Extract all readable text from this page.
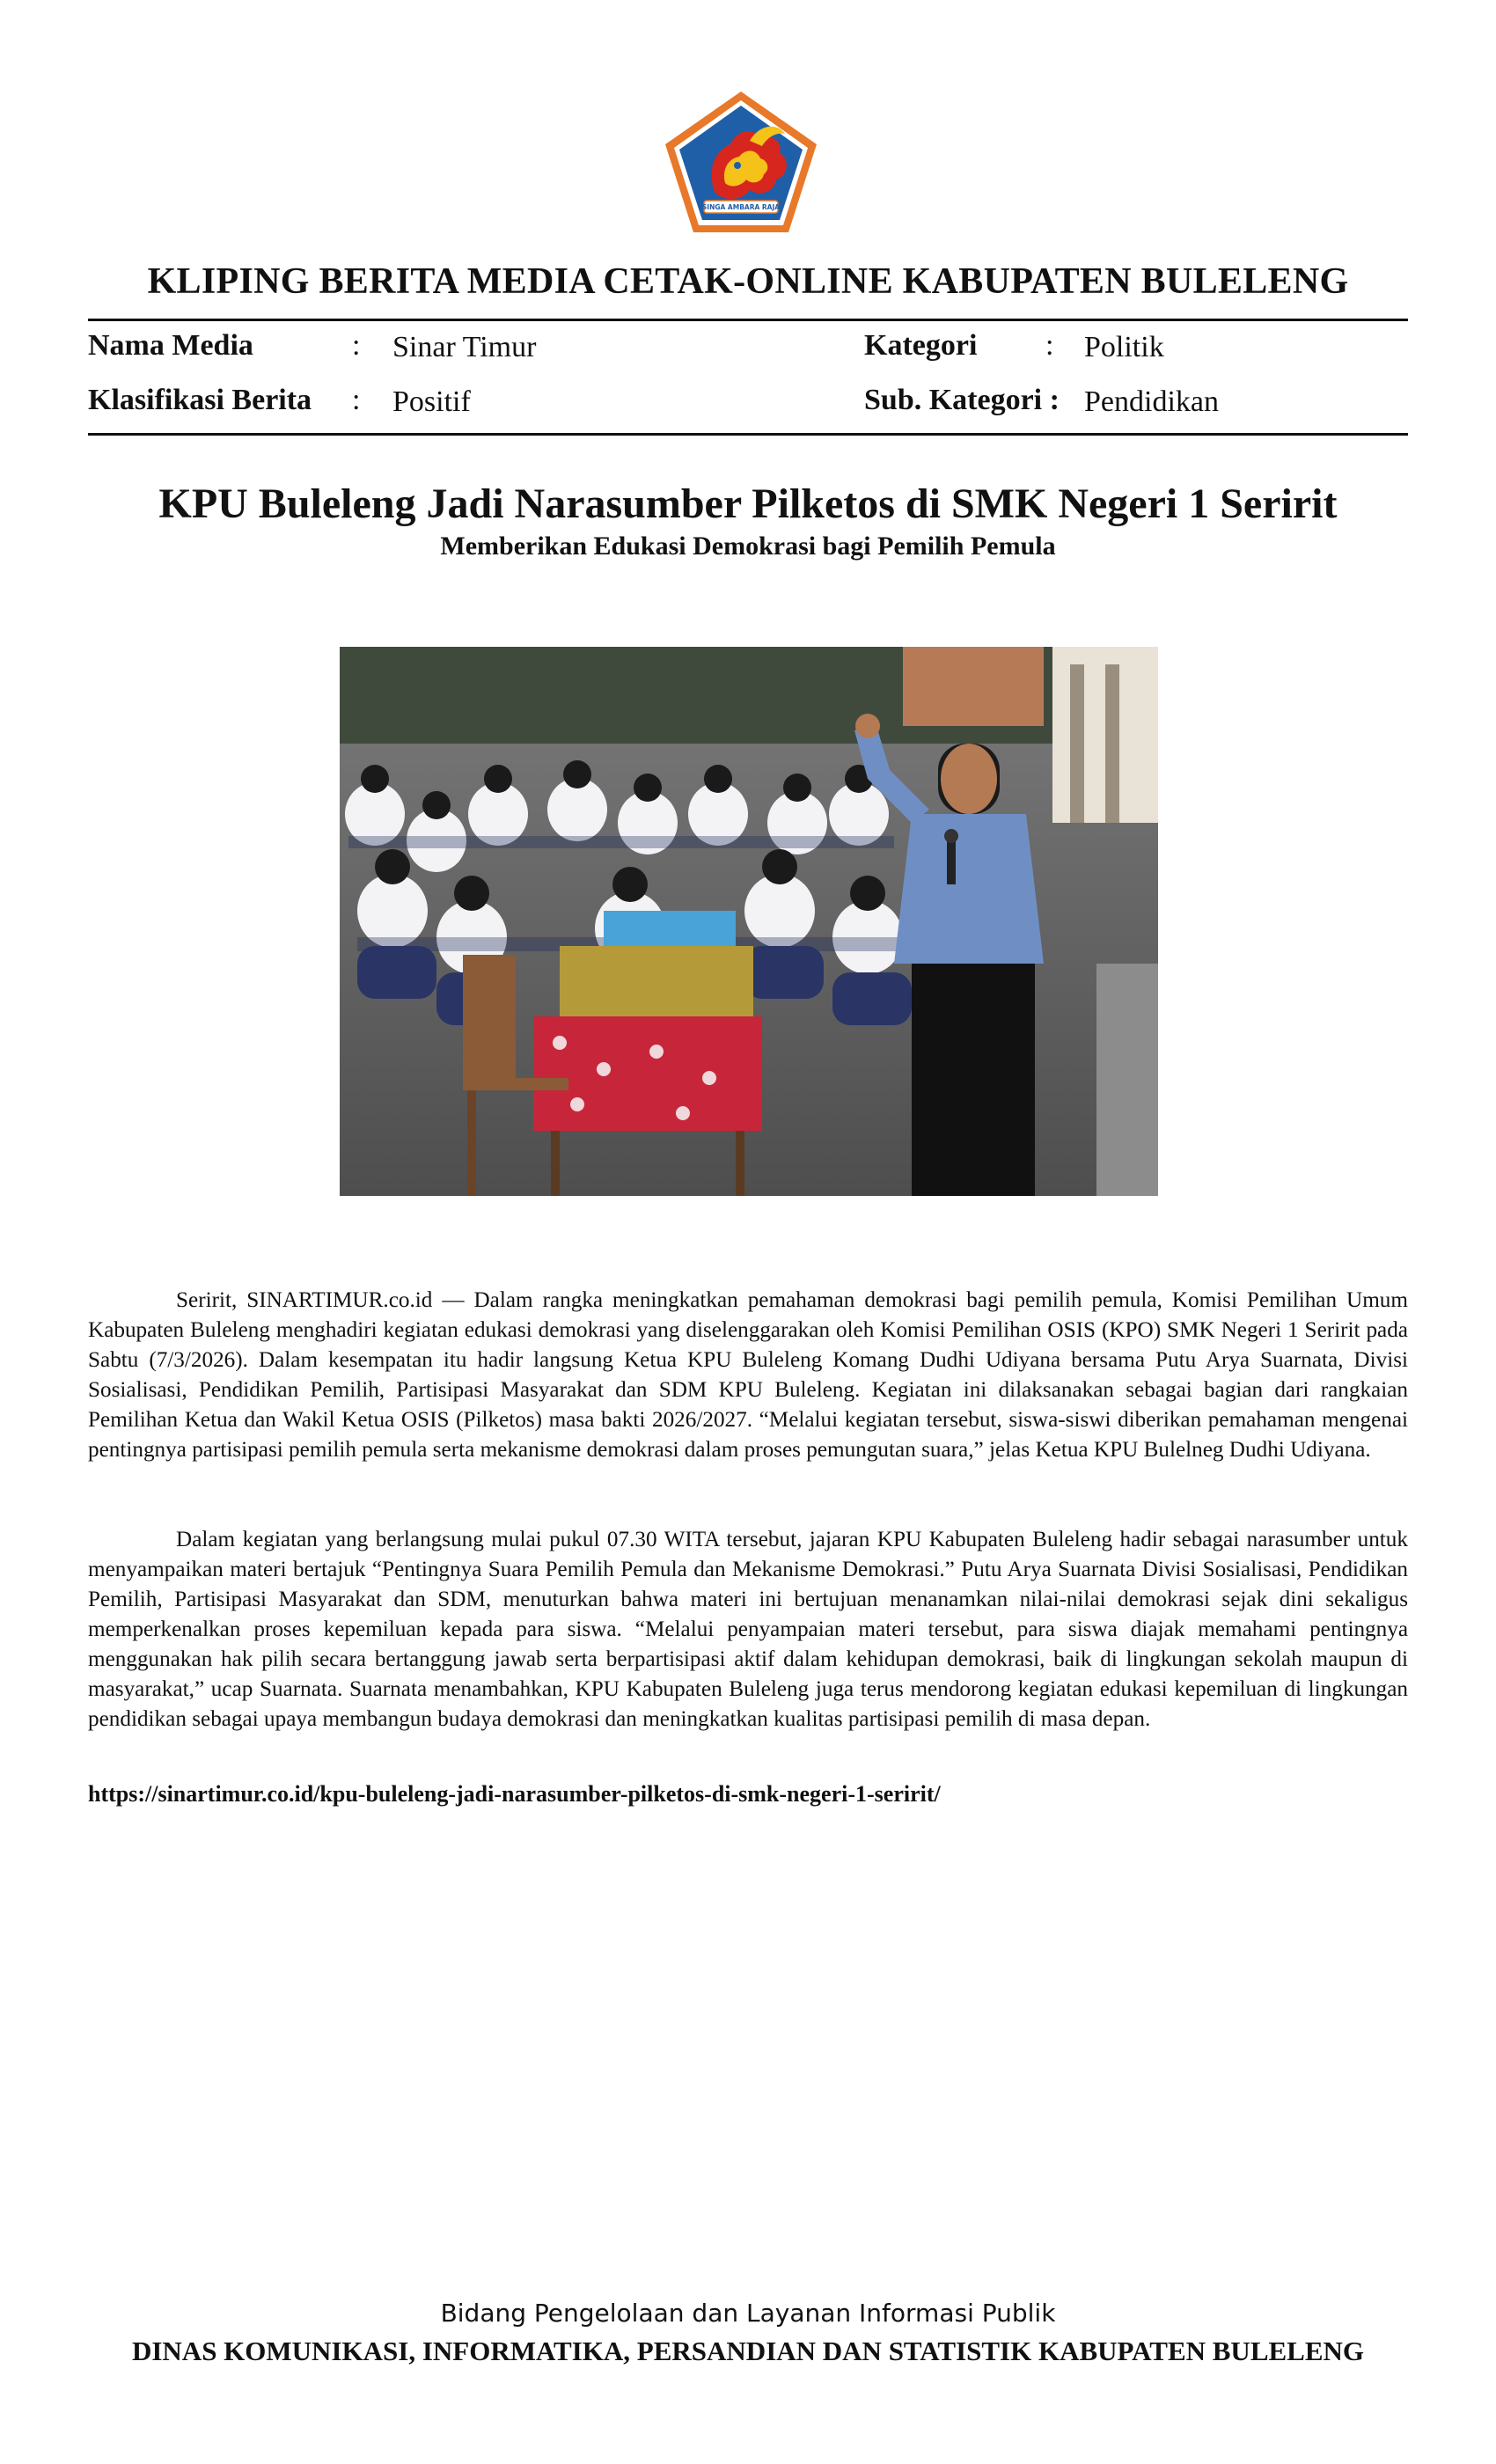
SINGA AMBARA RAJA
KLIPING BERITA MEDIA CETAK-ONLINE KABUPATEN BULELENG
Nama Media	: Sinar Timur	Kategori : Politik
Klasifikasi Berita : Positif	Sub. Kategori : Pendidikan
KPU Buleleng Jadi Narasumber Pilketos di SMK Negeri 1 Seririt
Memberikan Edukasi Demokrasi bagi Pemilih Pemula
Seririt, SINARTIMUR.co.id — Dalam rangka meningkatkan pemahaman demokrasi bagi pemilih pemula, Komisi Pemilihan Umum Kabupaten Buleleng menghadiri kegiatan edukasi demokrasi yang diselenggarakan oleh Komisi Pemilihan OSIS (KPO) SMK Negeri 1 Seririt pada Sabtu (7/3/2026). Dalam kesempatan itu hadir langsung Ketua KPU Buleleng Komang Dudhi Udiyana bersama Putu Arya Suarnata, Divisi Sosialisasi, Pendidikan Pemilih, Partisipasi Masyarakat dan SDM KPU Buleleng. Kegiatan ini dilaksanakan sebagai bagian dari rangkaian Pemilihan Ketua dan Wakil Ketua OSIS (Pilketos) masa bakti 2026/2027. “Melalui kegiatan tersebut, siswa-siswi diberikan pemahaman mengenai pentingnya partisipasi pemilih pemula serta mekanisme demokrasi dalam proses pemungutan suara,” jelas Ketua KPU Bulelneg Dudhi Udiyana.
Dalam kegiatan yang berlangsung mulai pukul 07.30 WITA tersebut, jajaran KPU Kabupaten Buleleng hadir sebagai narasumber untuk menyampaikan materi bertajuk “Pentingnya Suara Pemilih Pemula dan Mekanisme Demokrasi.” Putu Arya Suarnata Divisi Sosialisasi, Pendidikan Pemilih, Partisipasi Masyarakat dan SDM, menuturkan bahwa materi ini bertujuan menanamkan nilai-nilai demokrasi sejak dini sekaligus memperkenalkan proses kepemiluan kepada para siswa. “Melalui penyampaian materi tersebut, para siswa diajak memahami pentingnya menggunakan hak pilih secara bertanggung jawab serta berpartisipasi aktif dalam kehidupan demokrasi, baik di lingkungan sekolah maupun di masyarakat,” ucap Suarnata. Suarnata menambahkan, KPU Kabupaten Buleleng juga terus mendorong kegiatan edukasi kepemiluan di lingkungan pendidikan sebagai upaya membangun budaya demokrasi dan meningkatkan kualitas partisipasi pemilih di masa depan.
https://sinartimur.co.id/kpu-buleleng-jadi-narasumber-pilketos-di-smk-negeri-1-seririt/
Bidang Pengelolaan dan Layanan Informasi Publik
DINAS KOMUNIKASI, INFORMATIKA, PERSANDIAN DAN STATISTIK KABUPATEN BULELENG
